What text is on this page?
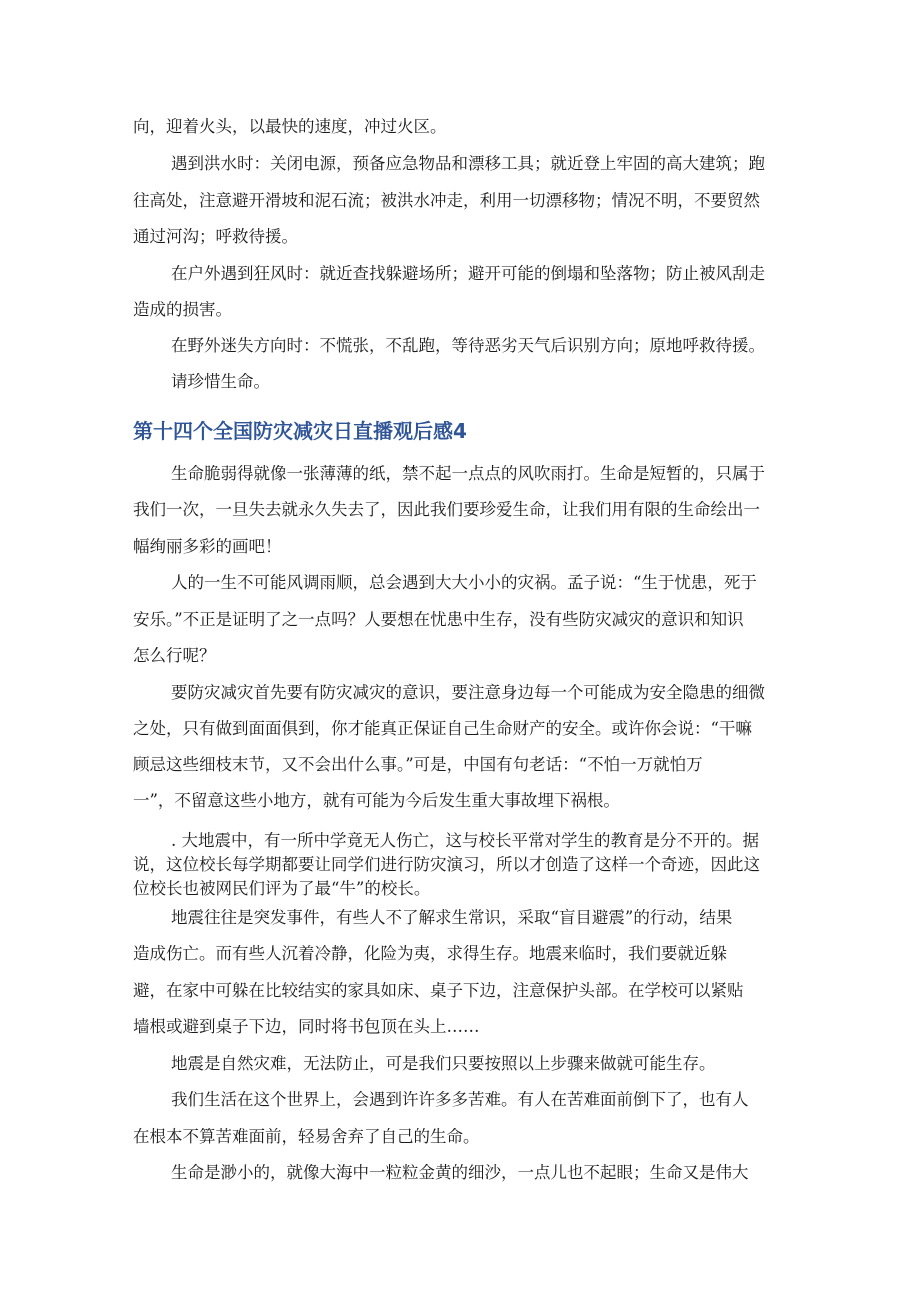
向，迎着火头，以最快的速度，冲过火区。

遇到洪水时：关闭电源，预备应急物品和漂移工具；就近登上牢固的高大建筑；跑

往高处，注意避开滑坡和泥石流；被洪水冲走，利用一切漂移物；情况不明，不要贸然

通过河沟；呼救待援。

在户外遇到狂风时：就近查找躲避场所；避开可能的倒塌和坠落物；防止被风刮走

造成的损害。

在野外迷失方向时：不慌张，不乱跑，等待恶劣天气后识别方向；原地呼救待援。

请珍惜生命。

第十四个全国防灾减灾日直播观后感4

生命脆弱得就像一张薄薄的纸，禁不起一点点的风吹雨打。生命是短暂的，只属于

我们一次，一旦失去就永久失去了，因此我们要珍爱生命，让我们用有限的生命绘出一

幅绚丽多彩的画吧！

人的一生不可能风调雨顺，总会遇到大大小小的灾祸。孟子说：“生于忧患，死于

安乐。”不正是证明了之一点吗？人要想在忧患中生存，没有些防灾减灾的意识和知识

怎么行呢？

要防灾减灾首先要有防灾减灾的意识，要注意身边每一个可能成为安全隐患的细微

之处，只有做到面面俱到，你才能真正保证自己生命财产的安全。或许你会说：“干嘛

顾忌这些细枝末节，又不会出什么事。”可是，中国有句老话：“不怕一万就怕万

一”，不留意这些小地方，就有可能为今后发生重大事故埋下祸根。

. 大地震中，有一所中学竟无人伤亡，这与校长平常对学生的教育是分不开的。据

说，这位校长每学期都要让同学们进行防灾演习，所以才创造了这样一个奇迹，因此这

位校长也被网民们评为了最“牛”的校长。

地震往往是突发事件，有些人不了解求生常识，采取“盲目避震”的行动，结果

造成伤亡。而有些人沉着冷静，化险为夷，求得生存。地震来临时，我们要就近躲

避，在家中可躲在比较结实的家具如床、桌子下边，注意保护头部。在学校可以紧贴

墙根或避到桌子下边，同时将书包顶在头上……

地震是自然灾难，无法防止，可是我们只要按照以上步骤来做就可能生存。

我们生活在这个世界上，会遇到许许多多苦难。有人在苦难面前倒下了，也有人

在根本不算苦难面前，轻易舍弃了自己的生命。

生命是渺小的，就像大海中一粒粒金黄的细沙，一点儿也不起眼；生命又是伟大
